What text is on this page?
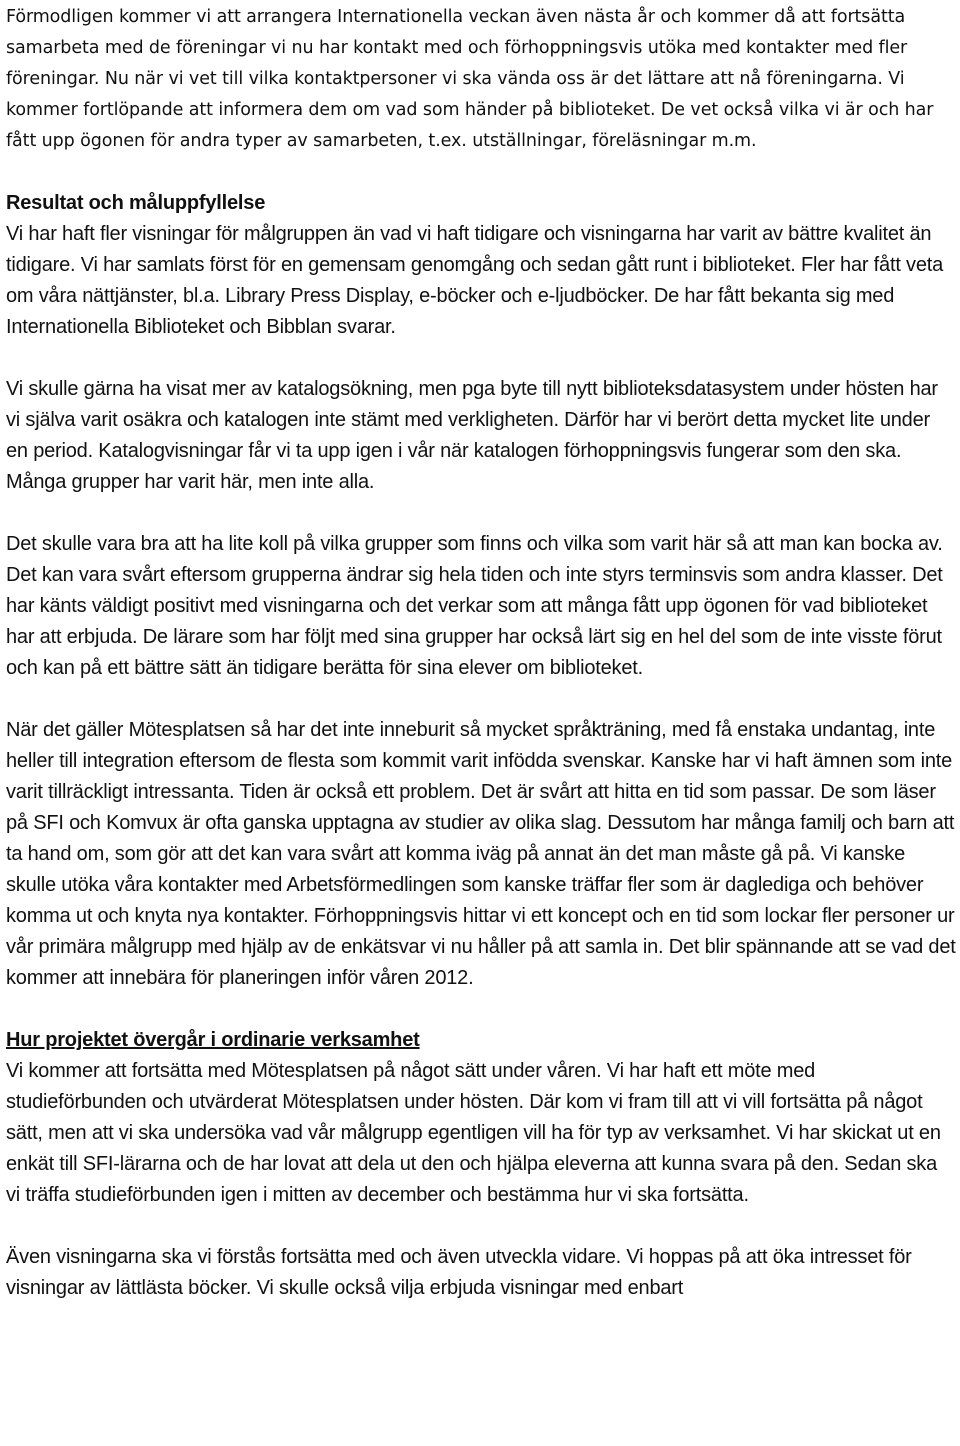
Förmodligen kommer vi att arrangera Internationella veckan även nästa år och kommer då att fortsätta samarbeta med de föreningar vi nu har kontakt med och förhoppningsvis utöka med kontakter med fler föreningar. Nu när vi vet till vilka kontaktpersoner vi ska vända oss är det lättare att nå föreningarna. Vi kommer fortlöpande att informera dem om vad som händer på biblioteket. De vet också vilka vi är och har fått upp ögonen för andra typer av samarbeten, t.ex. utställningar, föreläsningar m.m.

Resultat och måluppfyllelse

Vi har haft fler visningar för målgruppen än vad vi haft tidigare och visningarna har varit av bättre kvalitet än tidigare. Vi har samlats först för en gemensam genomgång och sedan gått runt i biblioteket. Fler har fått veta om våra nättjänster, bl.a. Library Press Display, e-böcker och e-ljudböcker. De har fått bekanta sig med Internationella Biblioteket och Bibblan svarar.

Vi skulle gärna ha visat mer av katalogsökning, men pga byte till nytt biblioteksdatasystem under hösten har vi själva varit osäkra och katalogen inte stämt med verkligheten. Därför har vi berört detta mycket lite under en period. Katalogvisningar får vi ta upp igen i vår när katalogen förhoppningsvis fungerar som den ska. Många grupper har varit här, men inte alla.

Det skulle vara bra att ha lite koll på vilka grupper som finns och vilka som varit här så att man kan bocka av. Det kan vara svårt eftersom grupperna ändrar sig hela tiden och inte styrs terminsvis som andra klasser. Det har känts väldigt positivt med visningarna och det verkar som att många fått upp ögonen för vad biblioteket har att erbjuda. De lärare som har följt med sina grupper har också lärt sig en hel del som de inte visste förut och kan på ett bättre sätt än tidigare berätta för sina elever om biblioteket.

När det gäller Mötesplatsen så har det inte inneburit så mycket språkträning, med få enstaka undantag, inte heller till integration eftersom de flesta som kommit varit infödda svenskar. Kanske har vi haft ämnen som inte varit tillräckligt intressanta. Tiden är också ett problem. Det är svårt att hitta en tid som passar. De som läser på SFI och Komvux är ofta ganska upptagna av studier av olika slag. Dessutom har många familj och barn att ta hand om, som gör att det kan vara svårt att komma iväg på annat än det man måste gå på. Vi kanske skulle utöka våra kontakter med Arbetsförmedlingen som kanske träffar fler som är daglediga och behöver komma ut och knyta nya kontakter. Förhoppningsvis hittar vi ett koncept och en tid som lockar fler personer ur vår primära målgrupp med hjälp av de enkätsvar vi nu håller på att samla in. Det blir spännande att se vad det kommer att innebära för planeringen inför våren 2012.

Hur projektet övergår i ordinarie verksamhet

Vi kommer att fortsätta med Mötesplatsen på något sätt under våren. Vi har haft ett möte med studieförbunden och utvärderat Mötesplatsen under hösten. Där kom vi fram till att vi vill fortsätta på något sätt, men att vi ska undersöka vad vår målgrupp egentligen vill ha för typ av verksamhet. Vi har skickat ut en enkät till SFI-lärarna och de har lovat att dela ut den och hjälpa eleverna att kunna svara på den. Sedan ska vi träffa studieförbunden igen i mitten av december och bestämma hur vi ska fortsätta.

Även visningarna ska vi förstås fortsätta med och även utveckla vidare. Vi hoppas på att öka intresset för visningar av lättlästa böcker. Vi skulle också vilja erbjuda visningar med enbart
